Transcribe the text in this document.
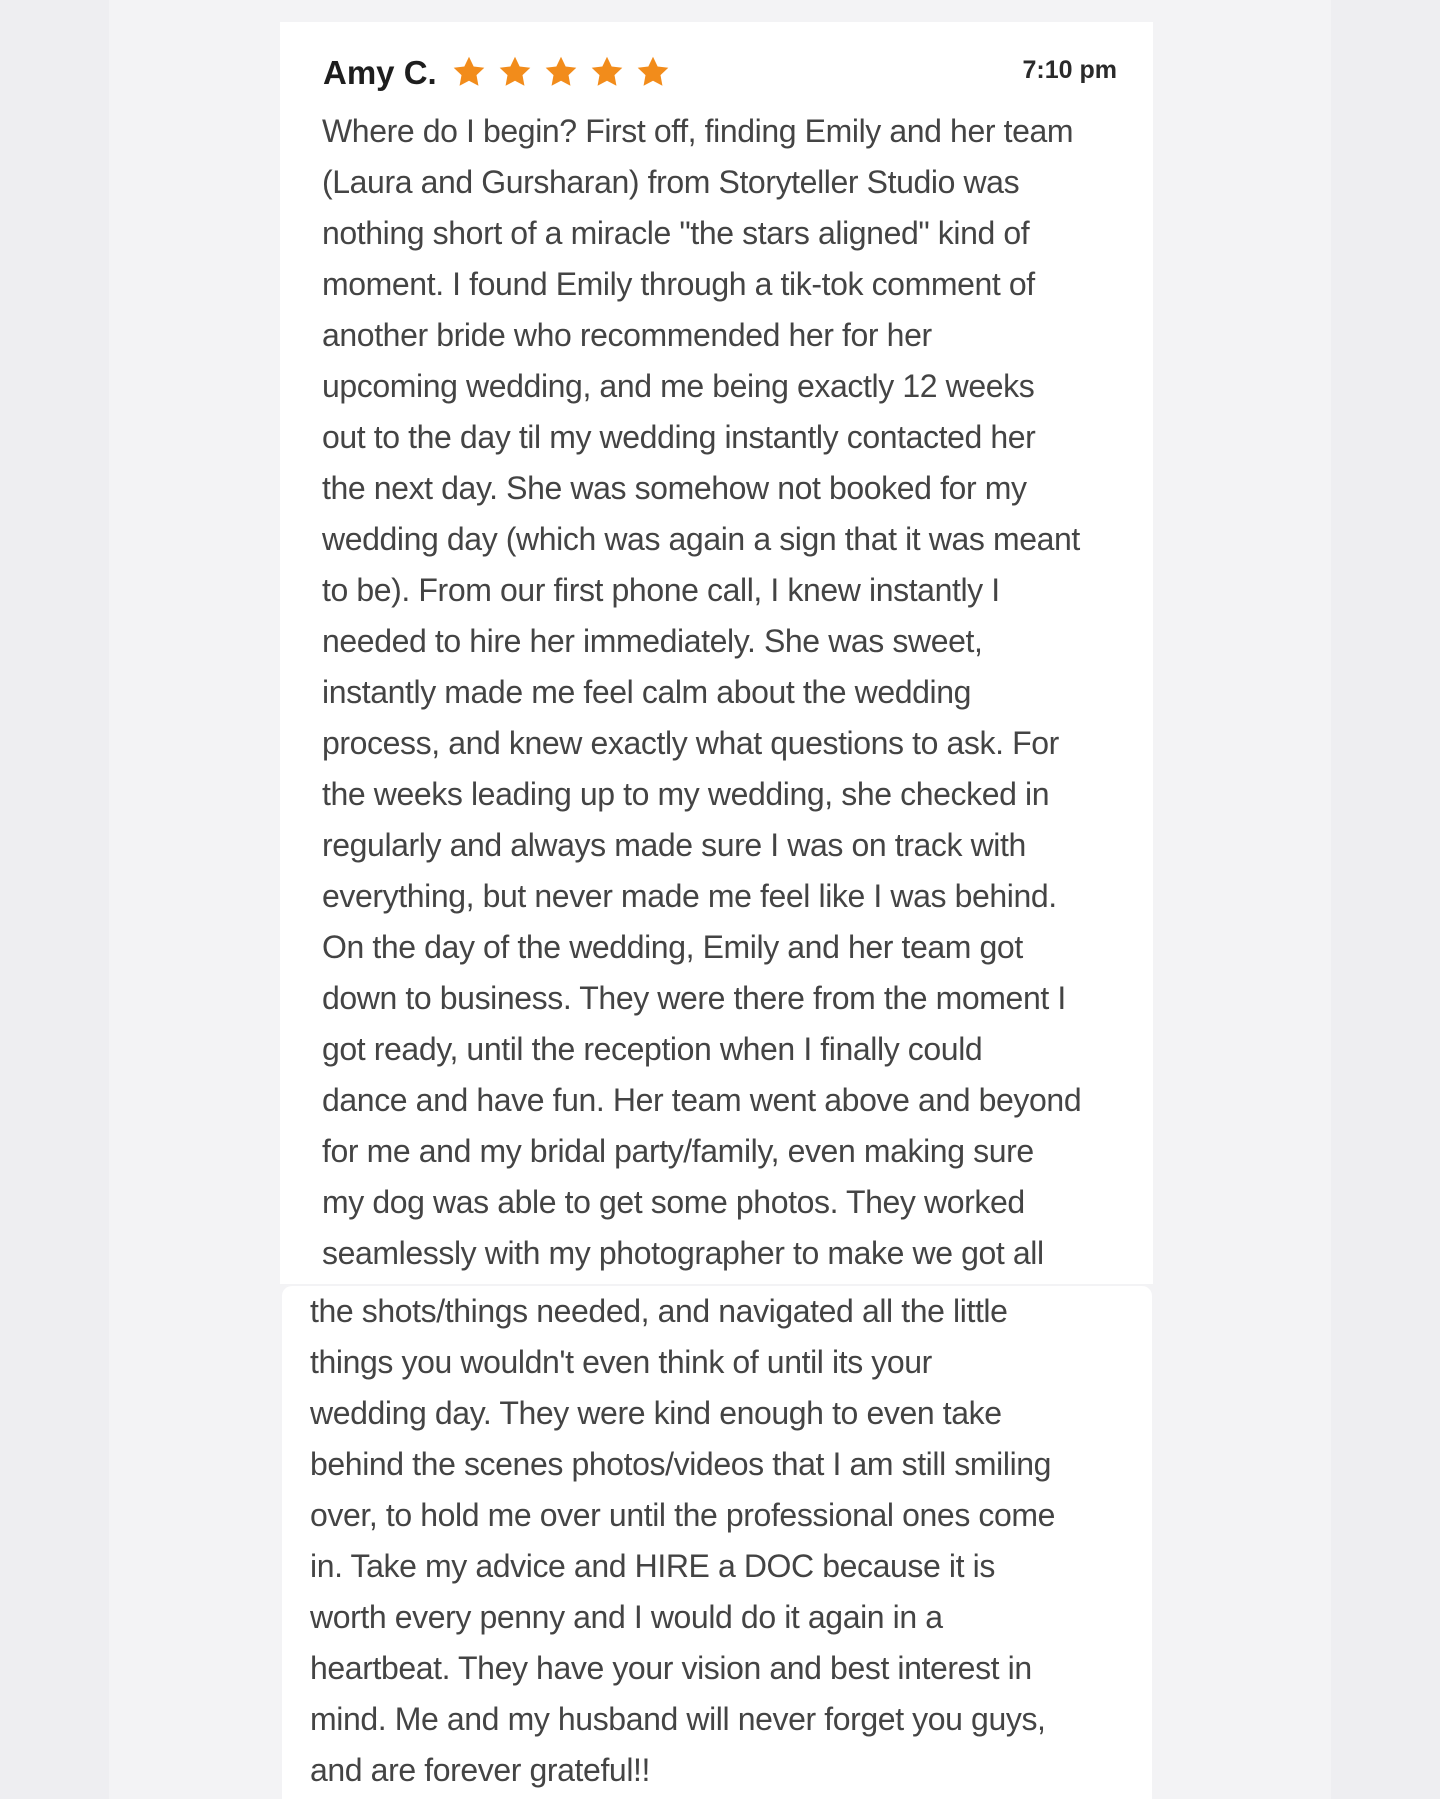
Amy C.	7:10 pm

Where do I begin? First off, finding Emily and her team
(Laura and Gursharan) from Storyteller Studio was
nothing short of a miracle "the stars aligned" kind of
moment. I found Emily through a tik-tok comment of
another bride who recommended her for her
upcoming wedding, and me being exactly 12 weeks
out to the day til my wedding instantly contacted her
the next day. She was somehow not booked for my
wedding day (which was again a sign that it was meant
to be). From our first phone call, I knew instantly I
needed to hire her immediately. She was sweet,
instantly made me feel calm about the wedding
process, and knew exactly what questions to ask. For
the weeks leading up to my wedding, she checked in
regularly and always made sure I was on track with
everything, but never made me feel like I was behind.
On the day of the wedding, Emily and her team got
down to business. They were there from the moment I
got ready, until the reception when I finally could
dance and have fun. Her team went above and beyond
for me and my bridal party/family, even making sure
my dog was able to get some photos. They worked
seamlessly with my photographer to make we got all

the shots/things needed, and navigated all the little
things you wouldn't even think of until its your
wedding day. They were kind enough to even take
behind the scenes photos/videos that I am still smiling
over, to hold me over until the professional ones come
in. Take my advice and HIRE a DOC because it is
worth every penny and I would do it again in a
heartbeat. They have your vision and best interest in
mind. Me and my husband will never forget you guys,
and are forever grateful!!
